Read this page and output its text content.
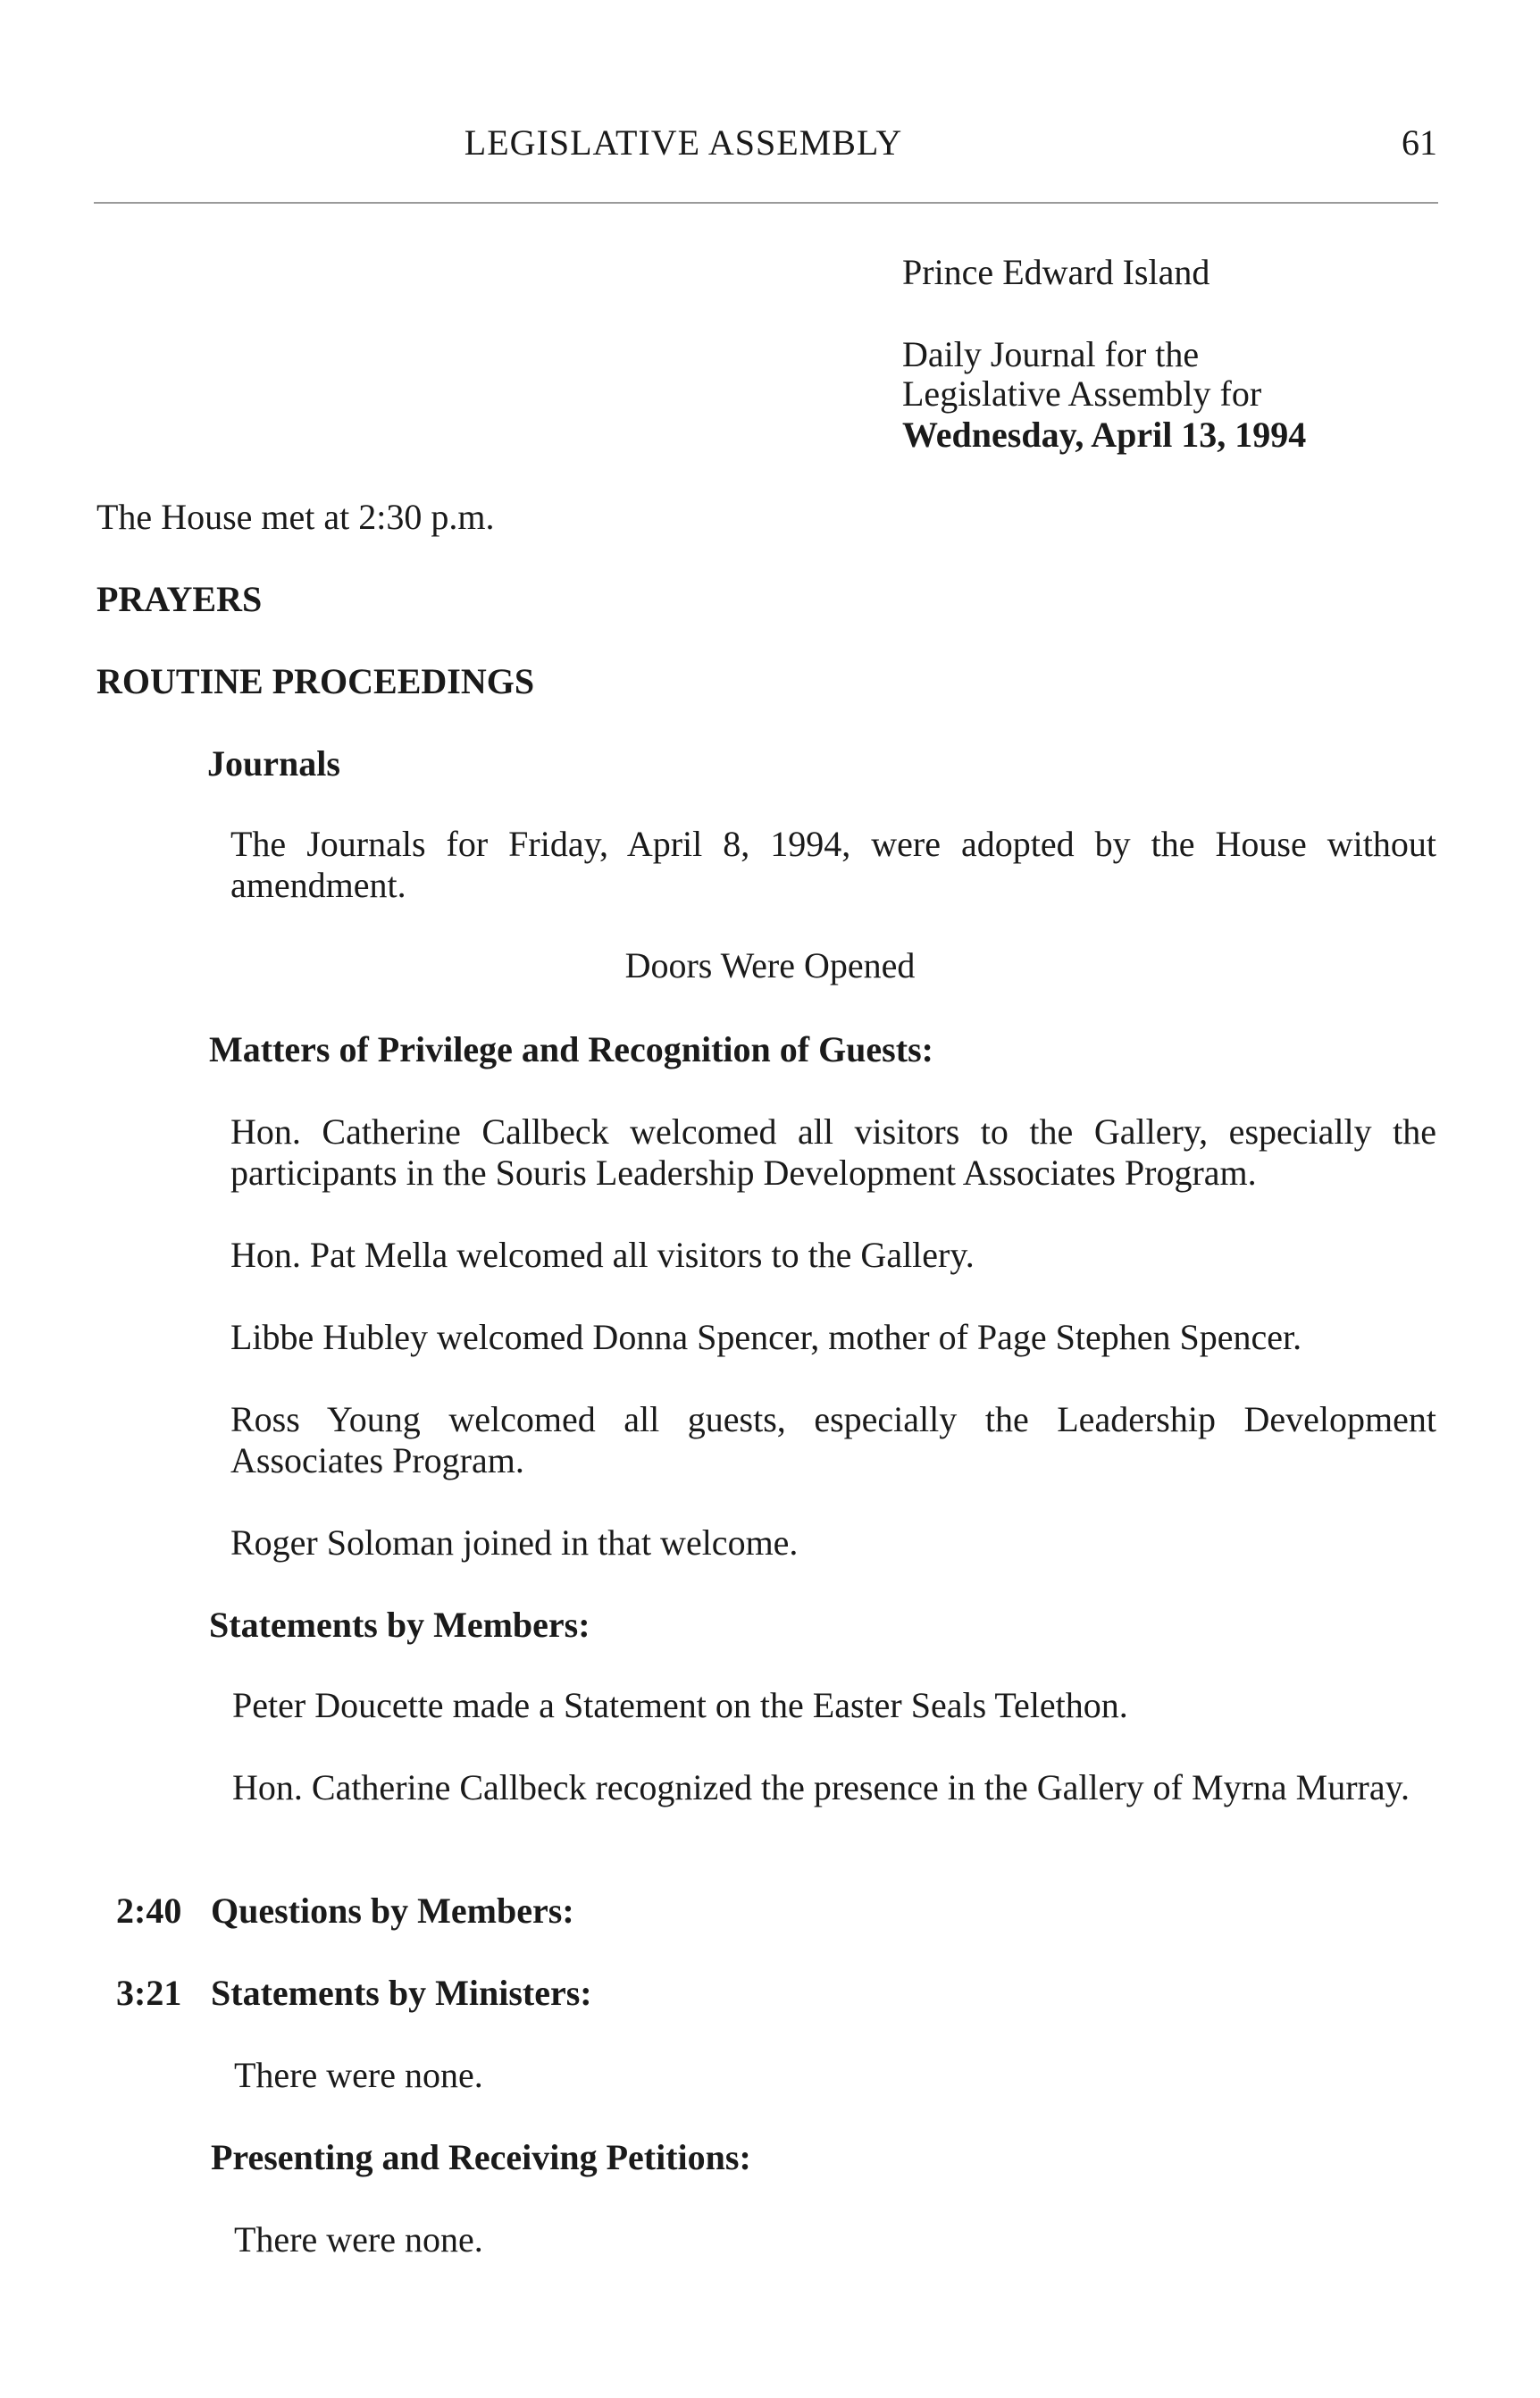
LEGISLATIVE ASSEMBLY	61
Prince Edward Island
Daily Journal for the
Legislative Assembly for
Wednesday, April 13, 1994
The House met at 2:30 p.m.
PRAYERS
ROUTINE PROCEEDINGS
Journals

The Journals for Friday, April 8, 1994, were adopted by the House without amendment.

Doors Were Opened
Matters of Privilege and Recognition of Guests:

Hon. Catherine Callbeck welcomed all visitors to the Gallery, especially the participants in the Souris Leadership Development Associates Program.

Hon. Pat Mella welcomed all visitors to the Gallery.

Libbe Hubley welcomed Donna Spencer, mother of Page Stephen Spencer.

Ross Young welcomed all guests, especially the Leadership Development Associates Program.

Roger Soloman joined in that welcome.

Statements by Members:

Peter Doucette made a Statement on the Easter Seals Telethon.

Hon. Catherine Callbeck recognized the presence in the Gallery of Myrna Murray.

2:40 Questions by Members:
3:21 Statements by Ministers:
There were none.
Presenting and Receiving Petitions:
There were none.
